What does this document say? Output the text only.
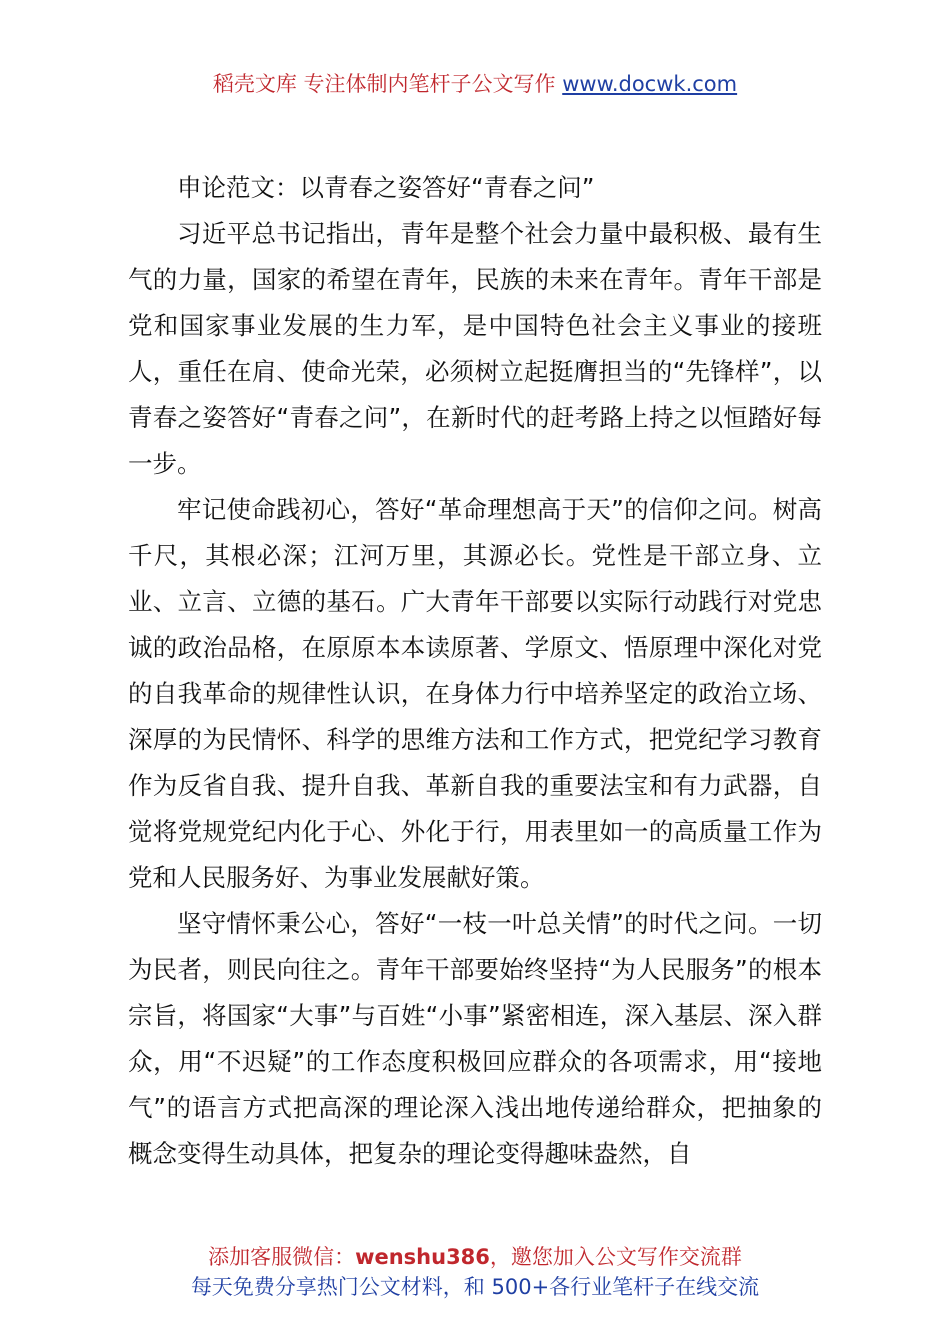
稻壳文库 专注体制内笔杆子公文写作 www.docwk.com

申论范文：以青春之姿答好“青春之问”

习近平总书记指出，青年是整个社会力量中最积极、最有生气的力量，国家的希望在青年，民族的未来在青年。青年干部是党和国家事业发展的生力军，是中国特色社会主义事业的接班人，重任在肩、使命光荣，必须树立起挺膺担当的“先锋样”，以青春之姿答好“青春之问”，在新时代的赶考路上持之以恒踏好每一步。

牢记使命践初心，答好“革命理想高于天”的信仰之问。树高千尺，其根必深；江河万里，其源必长。党性是干部立身、立业、立言、立德的基石。广大青年干部要以实际行动践行对党忠诚的政治品格，在原原本本读原著、学原文、悟原理中深化对党的自我革命的规律性认识，在身体力行中培养坚定的政治立场、深厚的为民情怀、科学的思维方法和工作方式，把党纪学习教育作为反省自我、提升自我、革新自我的重要法宝和有力武器，自觉将党规党纪内化于心、外化于行，用表里如一的高质量工作为党和人民服务好、为事业发展献好策。

坚守情怀秉公心，答好“一枝一叶总关情”的时代之问。一切为民者，则民向往之。青年干部要始终坚持“为人民服务”的根本宗旨，将国家“大事”与百姓“小事”紧密相连，深入基层、深入群众，用“不迟疑”的工作态度积极回应群众的各项需求，用“接地气”的语言方式把高深的理论深入浅出地传递给群众，把抽象的概念变得生动具体，把复杂的理论变得趣味盎然，自

添加客服微信：wenshu386，邀您加入公文写作交流群
每天免费分享热门公文材料，和 500+各行业笔杆子在线交流
